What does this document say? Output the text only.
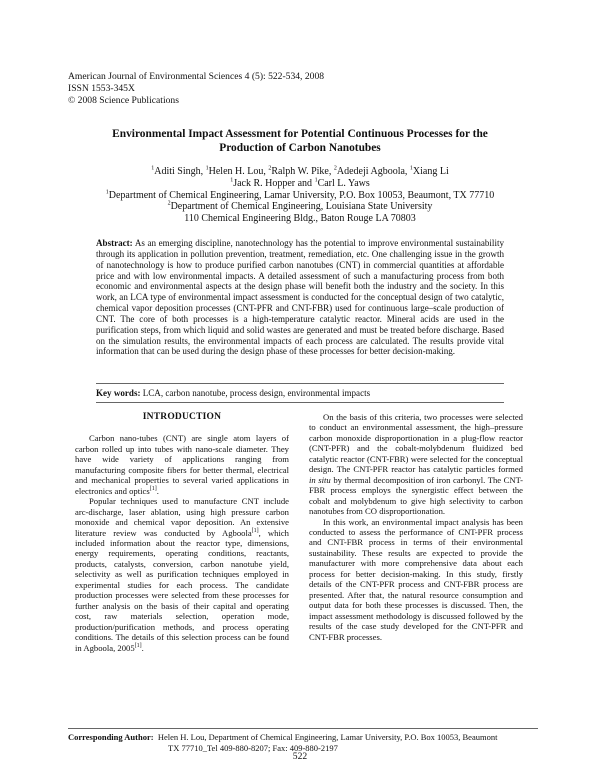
American Journal of Environmental Sciences 4 (5): 522-534, 2008
ISSN 1553-345X
© 2008 Science Publications
Environmental Impact Assessment for Potential Continuous Processes for the
Production of Carbon Nanotubes
$^1$Aditi Singh, $^1$Helen H. Lou, $^2$Ralph W. Pike, $^2$Adedeji Agboola, $^1$Xiang Li
$^1$Jack R. Hopper and $^1$Carl L. Yaws
$^1$Department of Chemical Engineering, Lamar University, P.O. Box 10053, Beaumont, TX 77710
$^2$Department of Chemical Engineering, Louisiana State University
110 Chemical Engineering Bldg., Baton Rouge LA 70803
Abstract: As an emerging discipline, nanotechnology has the potential to improve environmental sustainability through its application in pollution prevention, treatment, remediation, etc. One challenging issue in the growth of nanotechnology is how to produce purified carbon nanotubes (CNT) in commercial quantities at affordable price and with low environmental impacts. A detailed assessment of such a manufacturing process from both economic and environmental aspects at the design phase will benefit both the industry and the society. In this work, an LCA type of environmental impact assessment is conducted for the conceptual design of two catalytic, chemical vapor deposition processes (CNT-PFR and CNT-FBR) used for continuous large–scale production of CNT. The core of both processes is a high-temperature catalytic reactor. Mineral acids are used in the purification steps, from which liquid and solid wastes are generated and must be treated before discharge. Based on the simulation results, the environmental impacts of each process are calculated. The results provide vital information that can be used during the design phase of these processes for better decision-making.
Key words: LCA, carbon nanotube, process design, environmental impacts
INTRODUCTION

Carbon nano-tubes (CNT) are single atom layers of carbon rolled up into tubes with nano-scale diameter. They have wide variety of applications ranging from manufacturing composite fibers for better thermal, electrical and mechanical properties to several varied applications in electronics and optics[1].

Popular techniques used to manufacture CNT include arc-discharge, laser ablation, using high pressure carbon monoxide and chemical vapor deposition. An extensive literature review was conducted by Agboola[1], which included information about the reactor type, dimensions, energy requirements, operating conditions, reactants, products, catalysts, conversion, carbon nanotube yield, selectivity as well as purification techniques employed in experimental studies for each process. The candidate production processes were selected from these processes for further analysis on the basis of their capital and operating cost, raw materials selection, operation mode, production/purification methods, and process operating conditions. The details of this selection process can be found in Agboola, 2005[1].

On the basis of this criteria, two processes were selected to conduct an environmental assessment, the high–pressure carbon monoxide disproportionation in a plug-flow reactor (CNT-PFR) and the cobalt-molybdenum fluidized bed catalytic reactor (CNT-FBR) were selected for the conceptual design. The CNT-PFR reactor has catalytic particles formed in situ by thermal decomposition of iron carbonyl. The CNT-FBR process employs the synergistic effect between the cobalt and molybdenum to give high selectivity to carbon nanotubes from CO disproportionation.

In this work, an environmental impact analysis has been conducted to assess the performance of CNT-PFR process and CNT-FBR process in terms of their environmental sustainability. These results are expected to provide the manufacturer with more comprehensive data about each process for better decision-making. In this study, firstly details of the CNT-PFR process and CNT-FBR process are presented. After that, the natural resource consumption and output data for both these processes is discussed. Then, the impact assessment methodology is discussed followed by the results of the case study developed for the CNT-PFR and CNT-FBR processes.

Corresponding Author: Helen H. Lou, Department of Chemical Engineering, Lamar University, P.O. Box 10053, Beaumont
TX 77710_Tel 409-880-8207; Fax: 409-880-2197
522
